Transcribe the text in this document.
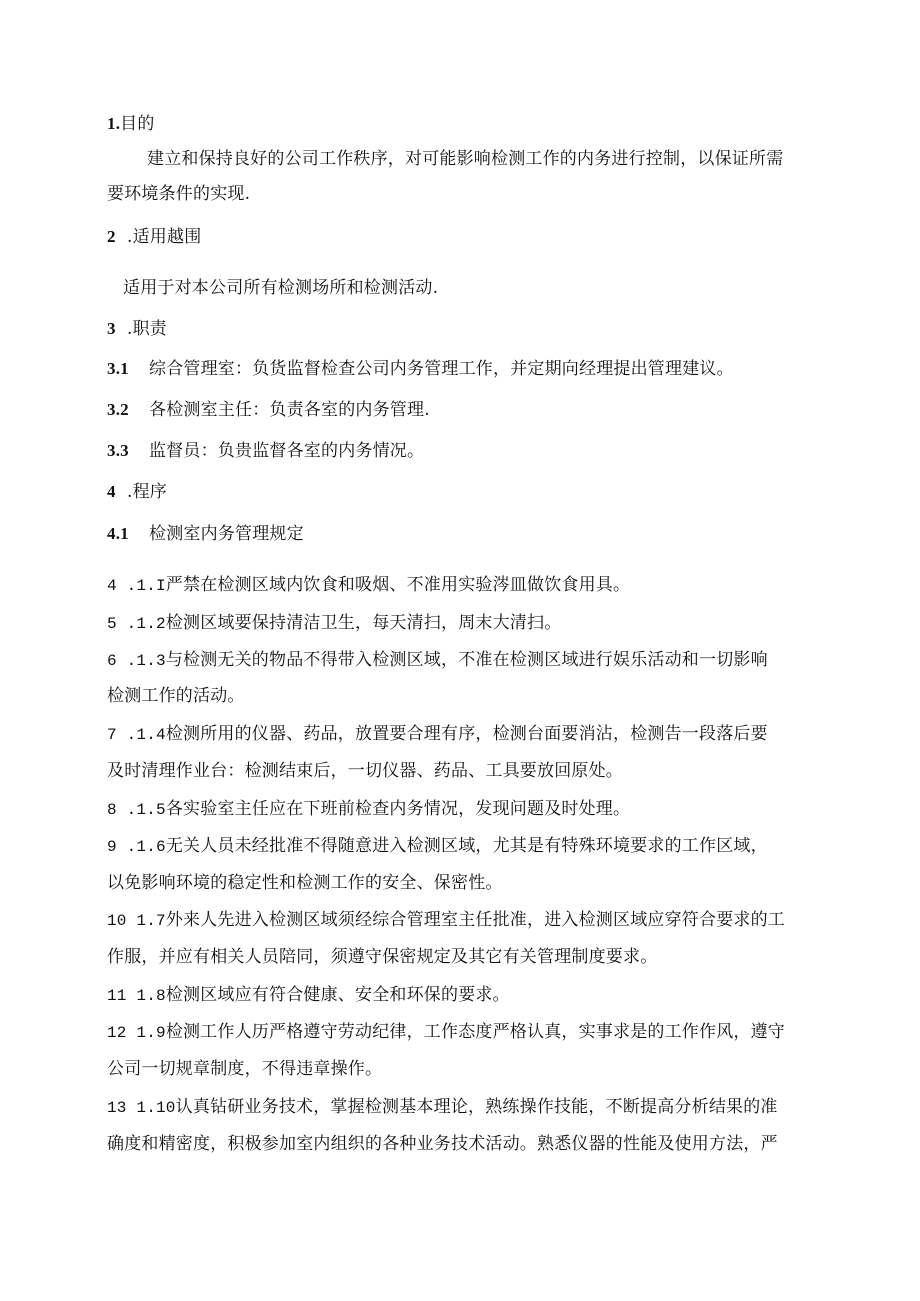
1.目的
建立和保持良好的公司工作秩序，对可能影响检测工作的内务进行控制，以保证所需
要环境条件的实现.
2 .适用越围
适用于对本公司所有检测场所和检测活动.
3 .职责
3.1 综合管理室：负货监督检查公司内务管理工作，并定期向经理提出管理建议。
3.2 各检测室主任：负责各室的内务管理.
3.3 监督员：负贵监督各室的内务情况。
4 .程序
4.1 检测室内务管理规定
4 .1.I严禁在检测区域内饮食和吸烟、不准用实验涔皿做饮食用具。
5 .1.2检测区域要保持清洁卫生，每天清扫，周末大清扫。
6 .1.3与检测无关的物品不得带入检测区域，不准在检测区域进行娱乐活动和一切影响
检测工作的活动。
7 .1.4检测所用的仪器、药品，放置要合理有序，检测台面要消沾，检测告一段落后要
及时清理作业台：检测结束后，一切仪器、药品、工具要放回原处。
8 .1.5各实验室主任应在下班前检查内务情况，发现问题及时处理。
9 .1.6无关人员未经批准不得随意进入检测区域，尤其是有特殊环境要求的工作区域，
以免影响环境的稳定性和检测工作的安全、保密性。
10 1.7外来人先进入检测区域须经综合管理室主任批准，进入检测区域应穿符合要求的工
作服，并应有相关人员陪同，须遵守保密规定及其它有关管理制度要求。
11 1.8检测区域应有符合健康、安全和环保的要求。
12 1.9检测工作人历严格遵守劳动纪律，工作态度严格认真，实事求是的工作作风，遵守
公司一切规章制度，不得违章操作。
13 1.10认真钻研业务技术，掌握检测基本理论，熟练操作技能，不断提高分析结果的准
确度和精密度，积极参加室内组织的各种业务技术活动。熟悉仪器的性能及使用方法，严
